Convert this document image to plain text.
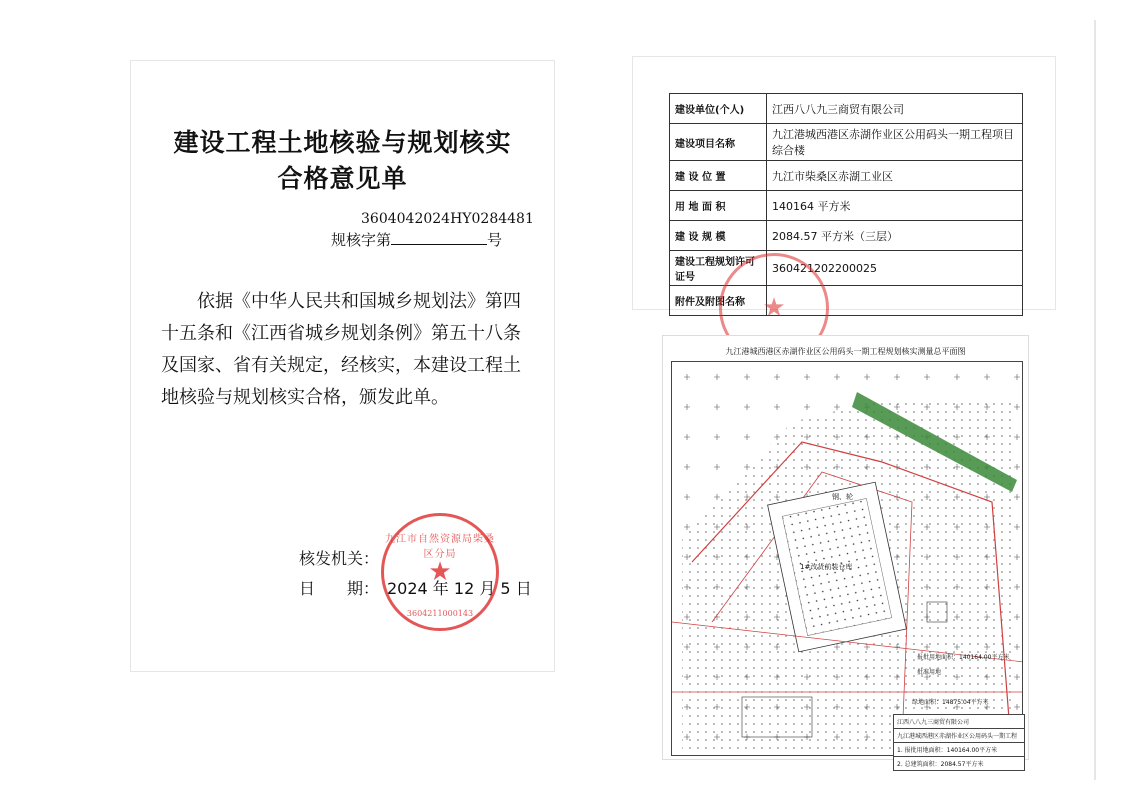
建设工程土地核验与规划核实
合格意见单
3604042024HY0284481
规核字第	号
依据《中华人民共和国城乡规划法》第四
十五条和《江西省城乡规划条例》第五十八条
及国家、省有关规定，经核实，本建设工程土
地核验与规划核实合格，颁发此单。
核发机关：
日　　期： 2024 年 12 月 5 日
九江市自然资源局柴桑区分局
★
3604211000143
建设单位(个人)	江西八八九三商贸有限公司
建设项目名称	九江港城西港区赤湖作业区公用码头一期工程项目综合楼
建 设 位 置	九江市柴桑区赤湖工业区
用 地 面 积	140164 平方米
建 设 规 模	2084.57 平方米（三层）
建设工程规划许可证号	360421202200025
附件及附图名称	★
九江港城西港区赤湖作业区公用码头一期工程规划核实测量总平面图
1#改货前装仓库
钢、轮
报批用地面积：140164.00平方米
批准用地
绿地面积：14875.04平方米
江西八八九三商贸有限公司
九江港城西港区赤湖作业区公用码头一期工程
1. 报批用地面积：140164.00平方米
2. 总建筑面积：2084.57平方米
